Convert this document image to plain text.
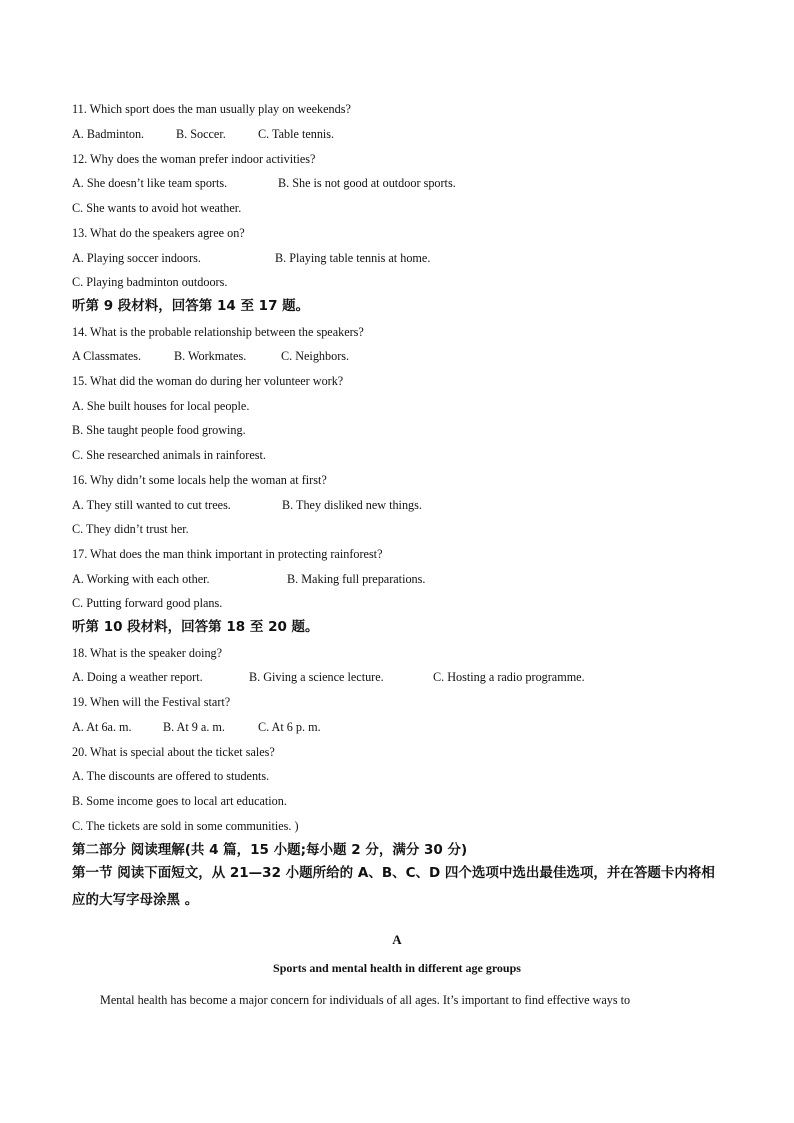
11. Which sport does the man usually play on weekends?
A. Badminton.	B. Soccer.	C. Table tennis.
12. Why does the woman prefer indoor activities?
A. She doesn’t like team sports.	B. She is not good at outdoor sports.
C. She wants to avoid hot weather.
13. What do the speakers agree on?
A. Playing soccer indoors.	B. Playing table tennis at home.
C. Playing badminton outdoors.
听第 9 段材料，回答第 14 至 17 题。
14. What is the probable relationship between the speakers?
A Classmates.	B. Workmates.	C. Neighbors.
15. What did the woman do during her volunteer work?
A. She built houses for local people.
B. She taught people food growing.
C. She researched animals in rainforest.
16. Why didn’t some locals help the woman at first?
A. They still wanted to cut trees.	B. They disliked new things.
C. They didn’t trust her.
17. What does the man think important in protecting rainforest?
A. Working with each other.	B. Making full preparations.
C. Putting forward good plans.
听第 10 段材料，回答第 18 至 20 题。
18. What is the speaker doing?
A. Doing a weather report.	B. Giving a science lecture.	C. Hosting a radio programme.
19. When will the Festival start?
A. At 6a. m.	B. At 9 a. m.	C. At 6 p. m.
20. What is special about the ticket sales?
A. The discounts are offered to students.
B. Some income goes to local art education.
C. The tickets are sold in some communities. )
第二部分 阅读理解(共 4 篇，15 小题;每小题 2 分，满分 30 分)
第一节 阅读下面短文，从 21—32 小题所给的 A、B、C、D 四个选项中选出最佳选项，并在答题卡内将相应的大写字母涂黑 。
A
Sports and mental health in different age groups
Mental health has become a major concern for individuals of all ages. It’s important to find effective ways to
